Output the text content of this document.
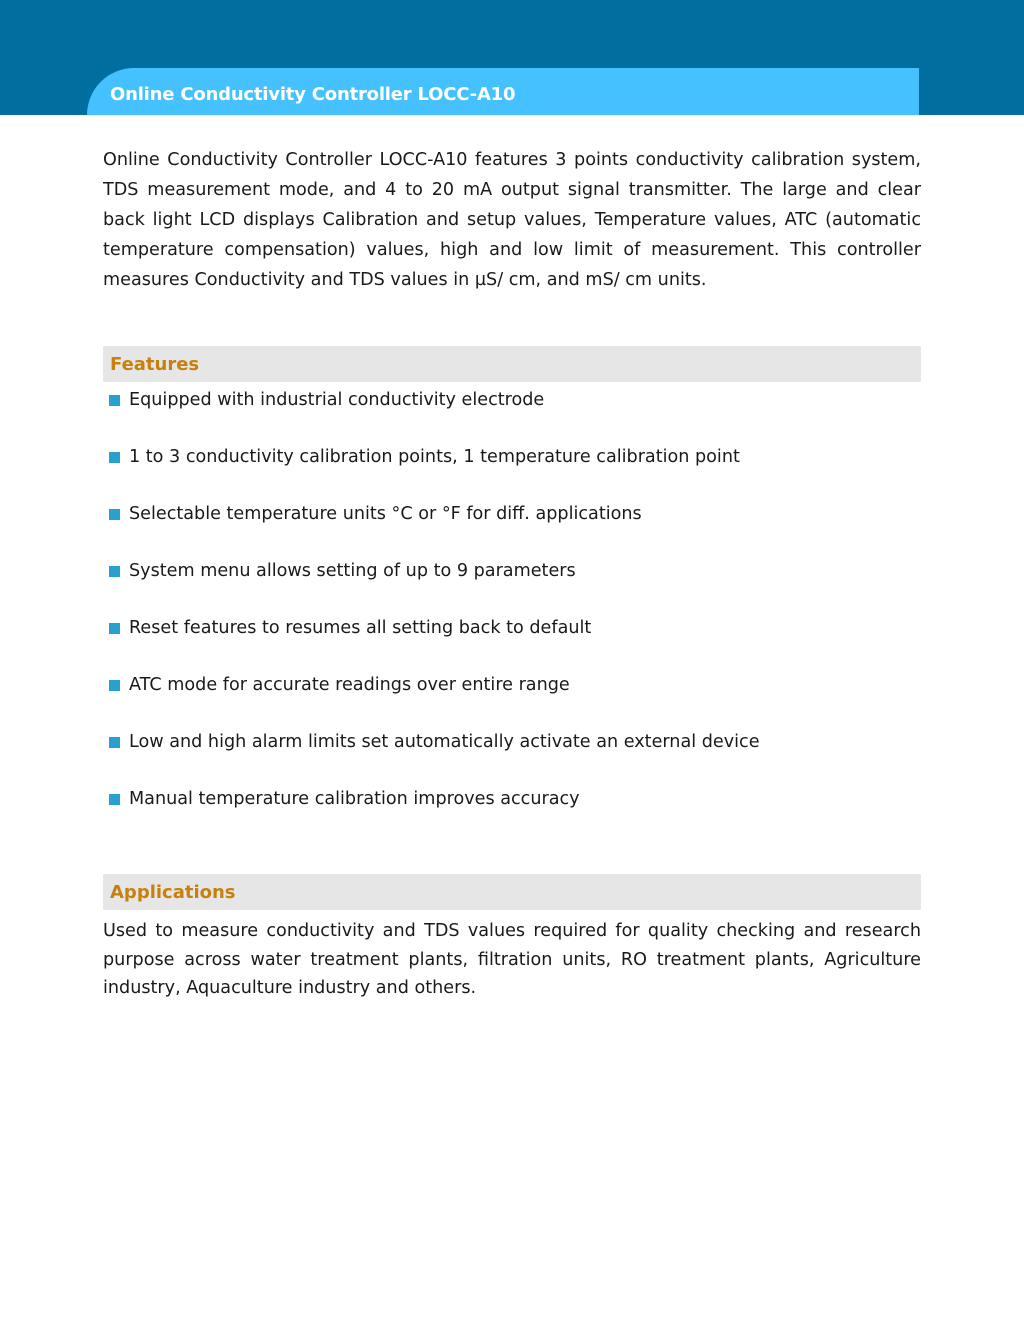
Online Conductivity Controller LOCC-A10

Online Conductivity Controller LOCC-A10 features 3 points conductivity calibration system, TDS measurement mode, and 4 to 20 mA output signal transmitter. The large and clear back light LCD displays Calibration and setup values, Temperature values, ATC (automatic temperature compensation) values, high and low limit of measurement. This controller measures Conductivity and TDS values in µS/ cm, and mS/ cm units.

Features
Equipped with industrial conductivity electrode
1 to 3 conductivity calibration points, 1 temperature calibration point
Selectable temperature units °C or °F for diff. applications
System menu allows setting of up to 9 parameters
Reset features to resumes all setting back to default
ATC mode for accurate readings over entire range
Low and high alarm limits set automatically activate an external device
Manual temperature calibration improves accuracy
Applications

Used to measure conductivity and TDS values required for quality checking and research purpose across water treatment plants, filtration units, RO treatment plants, Agriculture industry, Aquaculture industry and others.
